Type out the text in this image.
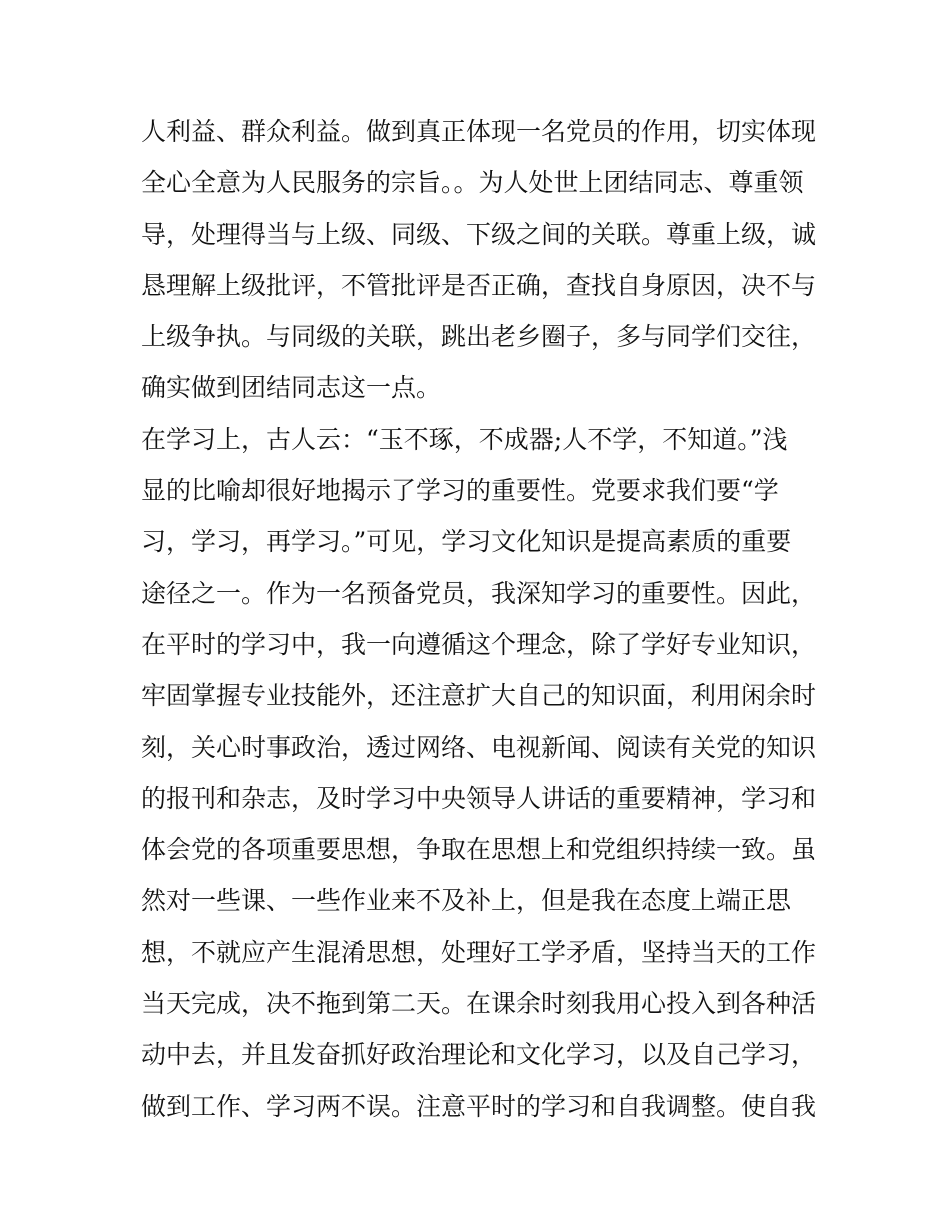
人利益、群众利益。做到真正体现一名党员的作用，切实体现
全心全意为人民服务的宗旨。。为人处世上团结同志、尊重领
导，处理得当与上级、同级、下级之间的关联。尊重上级，诚
恳理解上级批评，不管批评是否正确，查找自身原因，决不与
上级争执。与同级的关联，跳出老乡圈子，多与同学们交往，
确实做到团结同志这一点。
在学习上，古人云：“玉不琢，不成器;人不学，不知道。”浅
显的比喻却很好地揭示了学习的重要性。党要求我们要“学
习，学习，再学习。”可见，学习文化知识是提高素质的重要
途径之一。作为一名预备党员，我深知学习的重要性。因此，
在平时的学习中，我一向遵循这个理念，除了学好专业知识，
牢固掌握专业技能外，还注意扩大自己的知识面，利用闲余时
刻，关心时事政治，透过网络、电视新闻、阅读有关党的知识
的报刊和杂志，及时学习中央领导人讲话的重要精神，学习和
体会党的各项重要思想，争取在思想上和党组织持续一致。虽
然对一些课、一些作业来不及补上，但是我在态度上端正思
想，不就应产生混淆思想，处理好工学矛盾，坚持当天的工作
当天完成，决不拖到第二天。在课余时刻我用心投入到各种活
动中去，并且发奋抓好政治理论和文化学习，以及自己学习，
做到工作、学习两不误。注意平时的学习和自我调整。使自我
